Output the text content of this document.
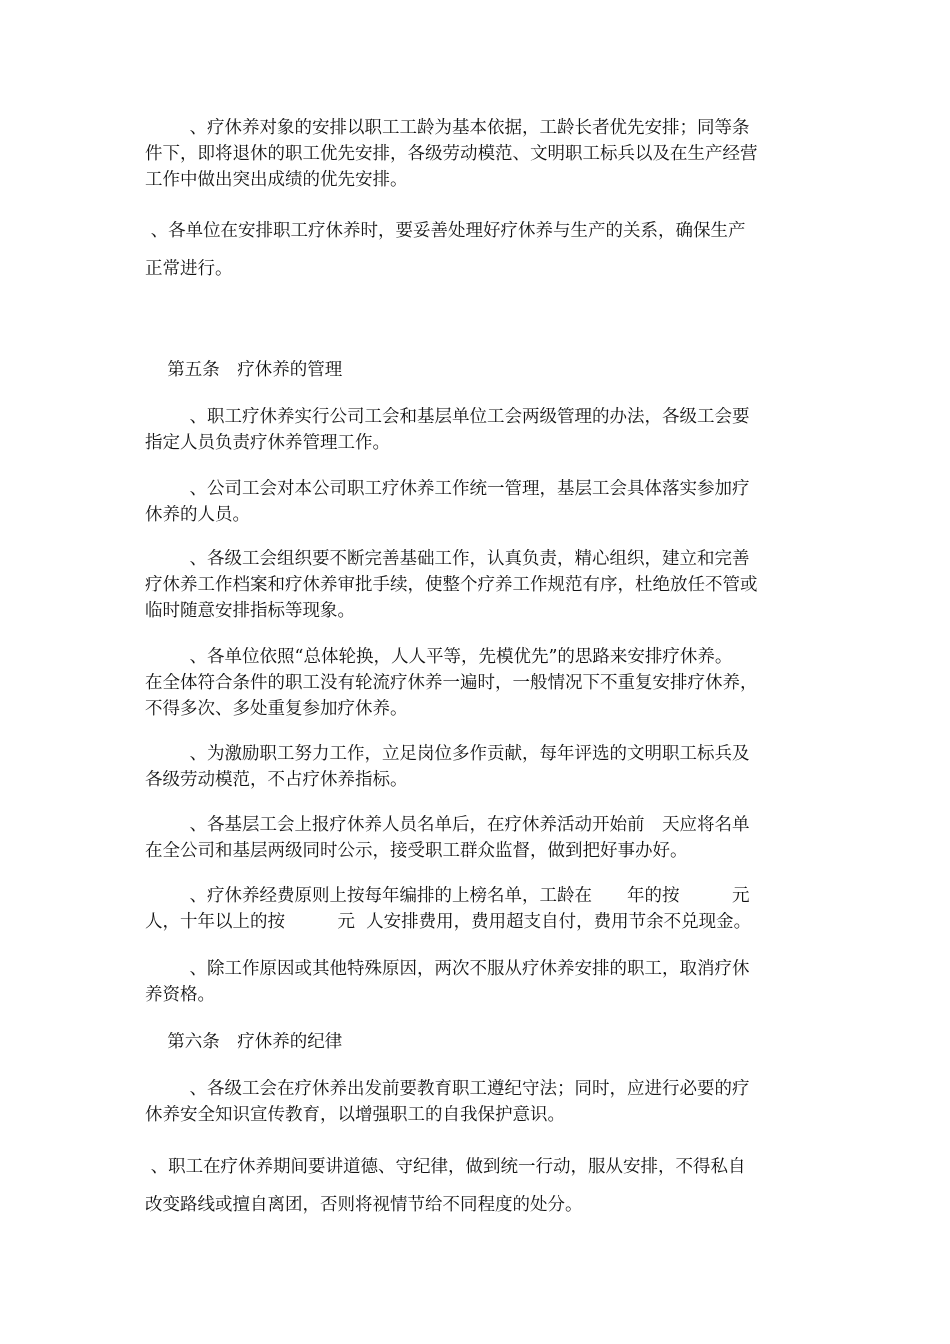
、疗休养对象的安排以职工工龄为基本依据，工龄长者优先安排；同等条
件下，即将退休的职工优先安排，各级劳动模范、文明职工标兵以及在生产经营
工作中做出突出成绩的优先安排。

、各单位在安排职工疗休养时，要妥善处理好疗休养与生产的关系，确保生产
正常进行。

第五条　疗休养的管理

、职工疗休养实行公司工会和基层单位工会两级管理的办法，各级工会要
指定人员负责疗休养管理工作。

、公司工会对本公司职工疗休养工作统一管理，基层工会具体落实参加疗
休养的人员。

、各级工会组织要不断完善基础工作，认真负责，精心组织，建立和完善
疗休养工作档案和疗休养审批手续，使整个疗养工作规范有序，杜绝放任不管或
临时随意安排指标等现象。

、各单位依照“总体轮换，人人平等，先模优先”的思路来安排疗休养。
在全体符合条件的职工没有轮流疗休养一遍时，一般情况下不重复安排疗休养，
不得多次、多处重复参加疗休养。

、为激励职工努力工作，立足岗位多作贡献，每年评选的文明职工标兵及
各级劳动模范，不占疗休养指标。

、各基层工会上报疗休养人员名单后，在疗休养活动开始前　天应将名单
在全公司和基层两级同时公示，接受职工群众监督，做到把好事办好。

、疗休养经费原则上按每年编排的上榜名单，工龄在　　年的按　　　元
人，十年以上的按　　　元  人安排费用，费用超支自付，费用节余不兑现金。

、除工作原因或其他特殊原因，两次不服从疗休养安排的职工，取消疗休
养资格。

第六条　疗休养的纪律

、各级工会在疗休养出发前要教育职工遵纪守法；同时，应进行必要的疗
休养安全知识宣传教育，以增强职工的自我保护意识。

、职工在疗休养期间要讲道德、守纪律，做到统一行动，服从安排，不得私自
改变路线或擅自离团，否则将视情节给不同程度的处分。
